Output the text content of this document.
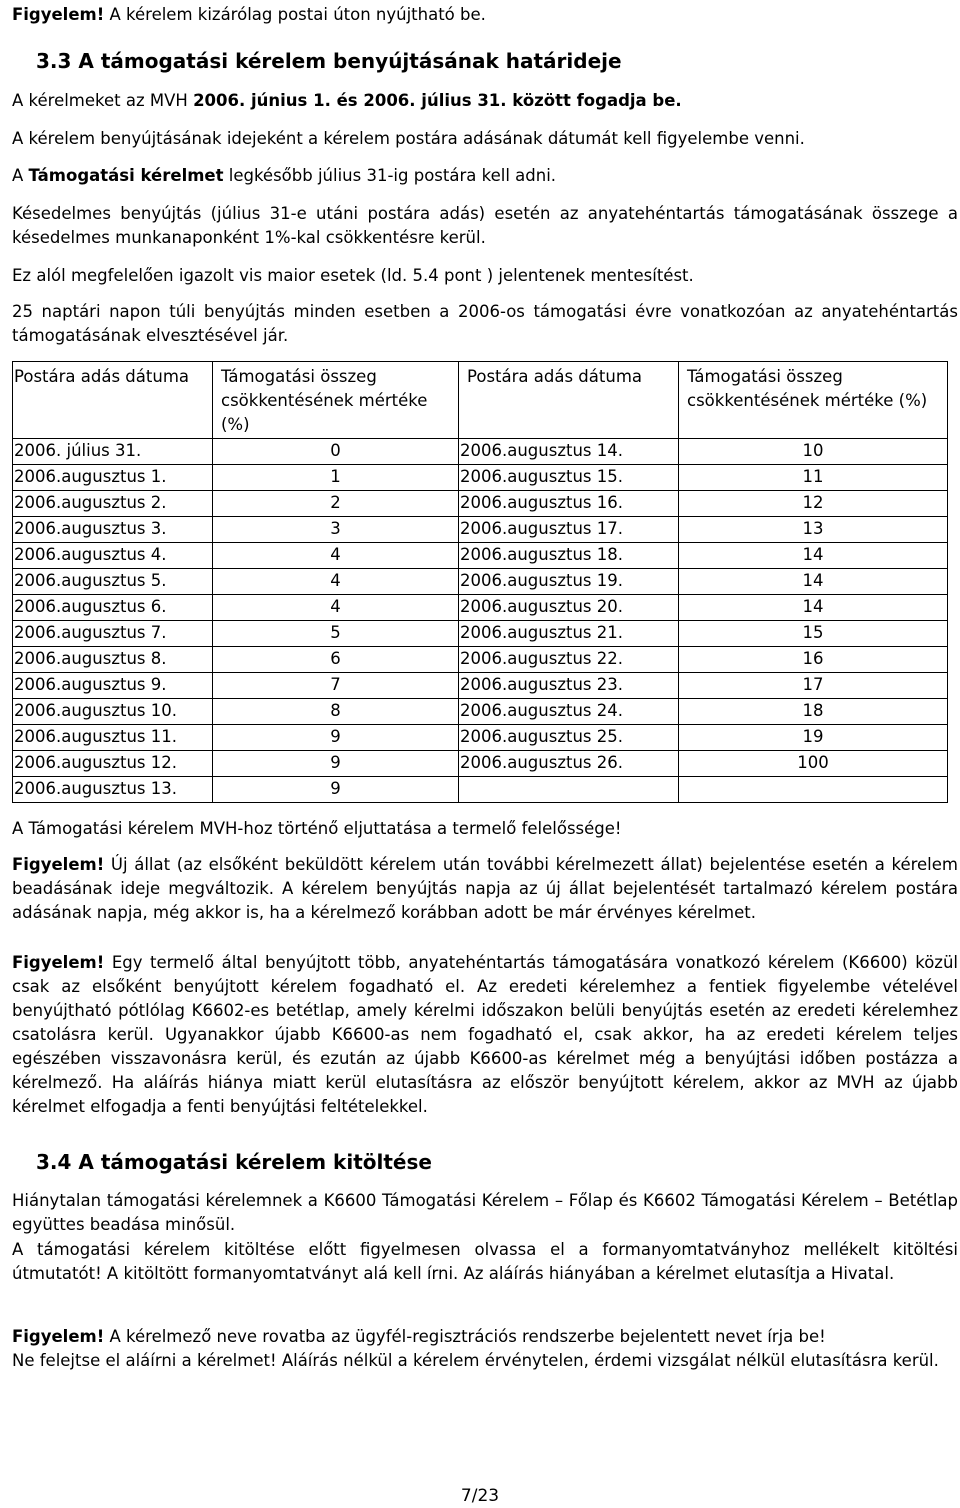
Figyelem! A kérelem kizárólag postai úton nyújtható be.

3.3 A támogatási kérelem benyújtásának határideje

A kérelmeket az MVH 2006. június 1. és 2006. július 31. között fogadja be.

A kérelem benyújtásának idejeként a kérelem postára adásának dátumát kell figyelembe venni.

A Támogatási kérelmet legkésőbb július 31-ig postára kell adni.

Késedelmes benyújtás (július 31-e utáni postára adás) esetén az anyatehéntartás támogatásának összege a késedelmes munkanaponként 1%-kal csökkentésre kerül.

Ez alól megfelelően igazolt vis maior esetek (ld. 5.4 pont ) jelentenek mentesítést.

25 naptári napon túli benyújtás minden esetben a 2006-os támogatási évre vonatkozóan az anyatehéntartás támogatásának elvesztésével jár.

Postára adás dátuma	Támogatási összeg csökkentésének mértéke (%)	Postára adás dátuma	Támogatási összeg csökkentésének mértéke (%)
2006. július 31.	0	2006.augusztus 14.	10
2006.augusztus 1.	1	2006.augusztus 15.	11
2006.augusztus 2.	2	2006.augusztus 16.	12
2006.augusztus 3.	3	2006.augusztus 17.	13
2006.augusztus 4.	4	2006.augusztus 18.	14
2006.augusztus 5.	4	2006.augusztus 19.	14
2006.augusztus 6.	4	2006.augusztus 20.	14
2006.augusztus 7.	5	2006.augusztus 21.	15
2006.augusztus 8.	6	2006.augusztus 22.	16
2006.augusztus 9.	7	2006.augusztus 23.	17
2006.augusztus 10.	8	2006.augusztus 24.	18
2006.augusztus 11.	9	2006.augusztus 25.	19
2006.augusztus 12.	9	2006.augusztus 26.	100
2006.augusztus 13.	9		

A Támogatási kérelem MVH-hoz történő eljuttatása a termelő felelőssége!

Figyelem! Új állat (az elsőként beküldött kérelem után további kérelmezett állat) bejelentése esetén a kérelem beadásának ideje megváltozik. A kérelem benyújtás napja az új állat bejelentését tartalmazó kérelem postára adásának napja, még akkor is, ha a kérelmező korábban adott be már érvényes kérelmet.

Figyelem! Egy termelő által benyújtott több, anyatehéntartás támogatására vonatkozó kérelem (K6600) közül csak az elsőként benyújtott kérelem fogadható el. Az eredeti kérelemhez a fentiek figyelembe vételével benyújtható pótlólag K6602-es betétlap, amely kérelmi időszakon belüli benyújtás esetén az eredeti kérelemhez csatolásra kerül. Ugyanakkor újabb K6600-as nem fogadható el, csak akkor, ha az eredeti kérelem teljes egészében visszavonásra kerül, és ezután az újabb K6600-as kérelmet még a benyújtási időben postázza a kérelmező. Ha aláírás hiánya miatt kerül elutasításra az először benyújtott kérelem, akkor az MVH az újabb kérelmet elfogadja a fenti benyújtási feltételekkel.

3.4 A támogatási kérelem kitöltése

Hiánytalan támogatási kérelemnek a K6600 Támogatási Kérelem – Főlap és K6602 Támogatási Kérelem – Betétlap együttes beadása minősül.

A támogatási kérelem kitöltése előtt figyelmesen olvassa el a formanyomtatványhoz mellékelt kitöltési útmutatót! A kitöltött formanyomtatványt alá kell írni. Az aláírás hiányában a kérelmet elutasítja a Hivatal.

Figyelem! A kérelmező neve rovatba az ügyfél-regisztrációs rendszerbe bejelentett nevet írja be!

Ne felejtse el aláírni a kérelmet! Aláírás nélkül a kérelem érvénytelen, érdemi vizsgálat nélkül elutasításra kerül.

7/23
